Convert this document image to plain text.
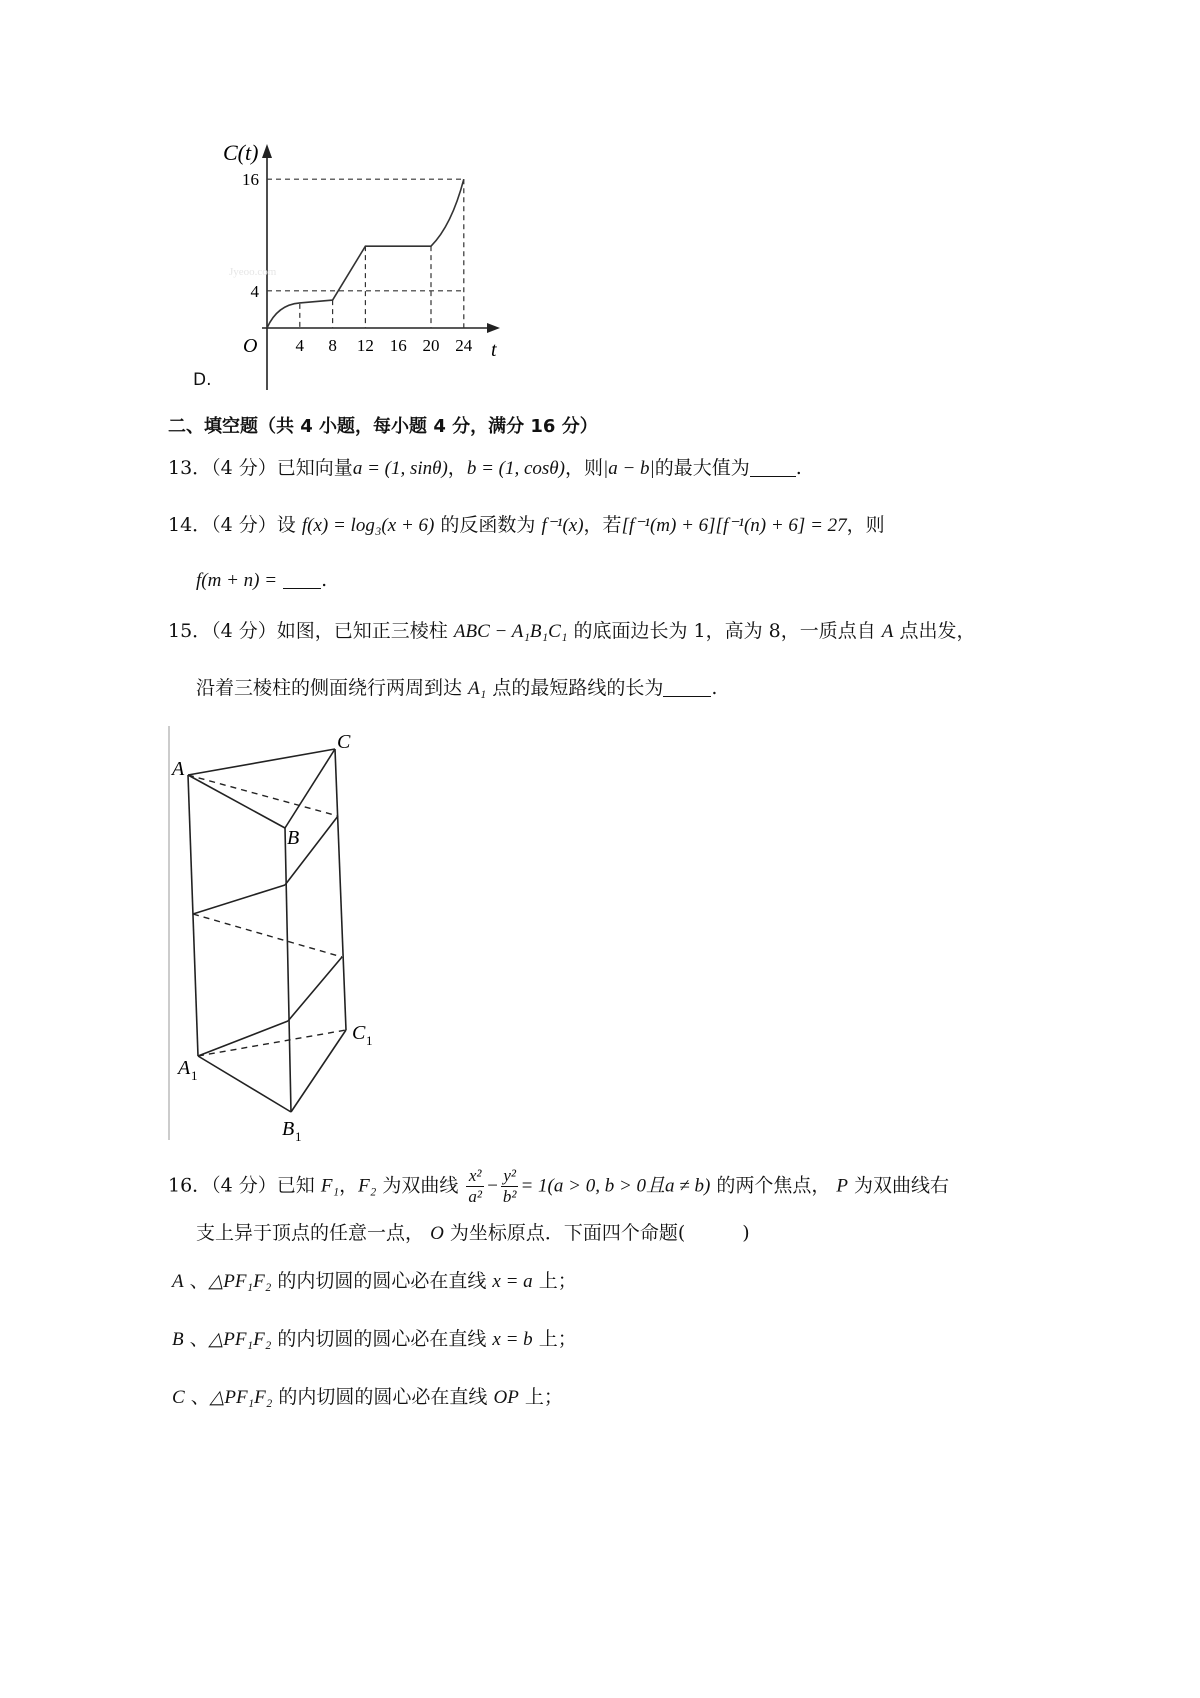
4 8 12 16 20 24
16
4
C(t)
t
O
Jyeoo.com
D.
二、填空题（共 4 小题，每小题 4 分，满分 16 分）
13．（4 分）已知向量a = (1, sinθ)，b = (1, cosθ)，则|a − b|的最大值为 .
14．（4 分）设 f(x) = log₃(x + 6) 的反函数为 f⁻¹(x)，若[f⁻¹(m) + 6][f⁻¹(n) + 6] = 27，则
f(m + n) = .
15．（4 分）如图，已知正三棱柱 ABC − A₁B₁C₁ 的底面边长为 1，高为 8，一质点自 A 点出发，
沿着三棱柱的侧面绕行两周到达 A₁ 点的最短路线的长为	.
A
C
B
A 1
C 1
B 1
16．（4 分）已知 F₁，F₂ 为双曲线 $\frac{\text{x²}}{\text{a²}} - \frac{\text{y²}}{\text{b²}} = 1(a > 0$, b > 0且a ≠ b) 的两个焦点， P 为双曲线右
支上异于顶点的任意一点， O 为坐标原点．下面四个命题(　　　)
A 、△PF₁F₂ 的内切圆的圆心必在直线 x = a 上；
B 、△PF₁F₂ 的内切圆的圆心必在直线 x = b 上；
C 、△PF₁F₂ 的内切圆的圆心必在直线 OP 上；
